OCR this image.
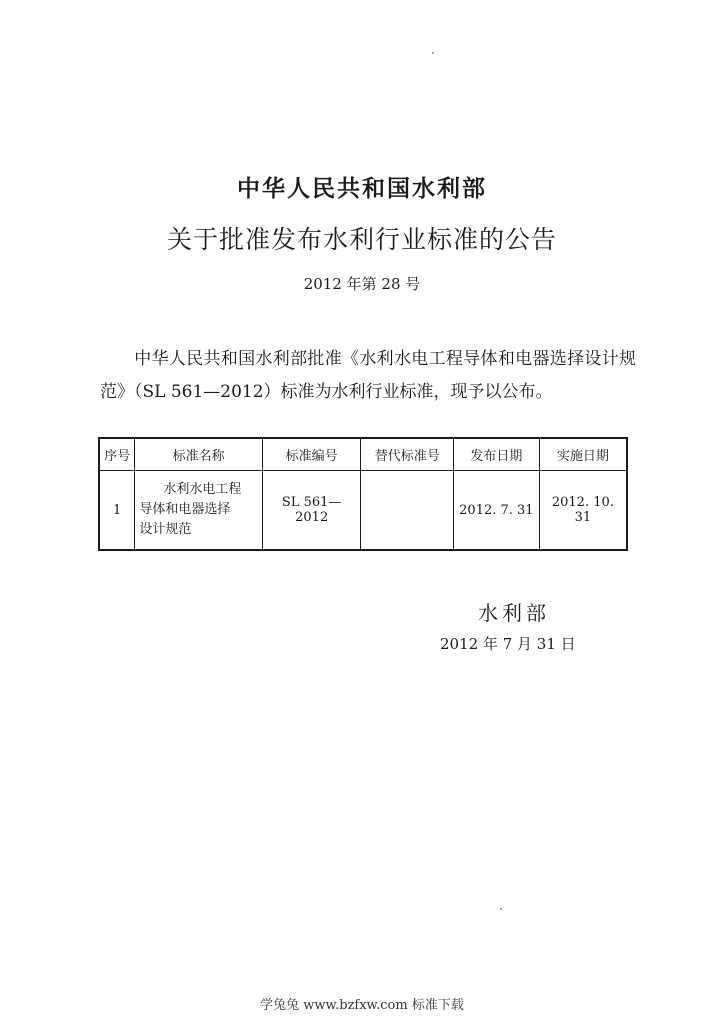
中华人民共和国水利部
关于批准发布水利行业标准的公告
2012 年第 28 号
中华人民共和国水利部批准《水利水电工程导体和电器选择设计规范》（SL 561—2012）标准为水利行业标准，现予以公布。
序号	标准名称	标准编号	替代标准号	发布日期	实施日期
1	水利水电工程
导体和电器选择
设计规范	SL 561—2012		2012. 7. 31	2012. 10. 31
水利部
2012 年 7 月 31 日
学兔兔 www.bzfxw.com 标准下载
